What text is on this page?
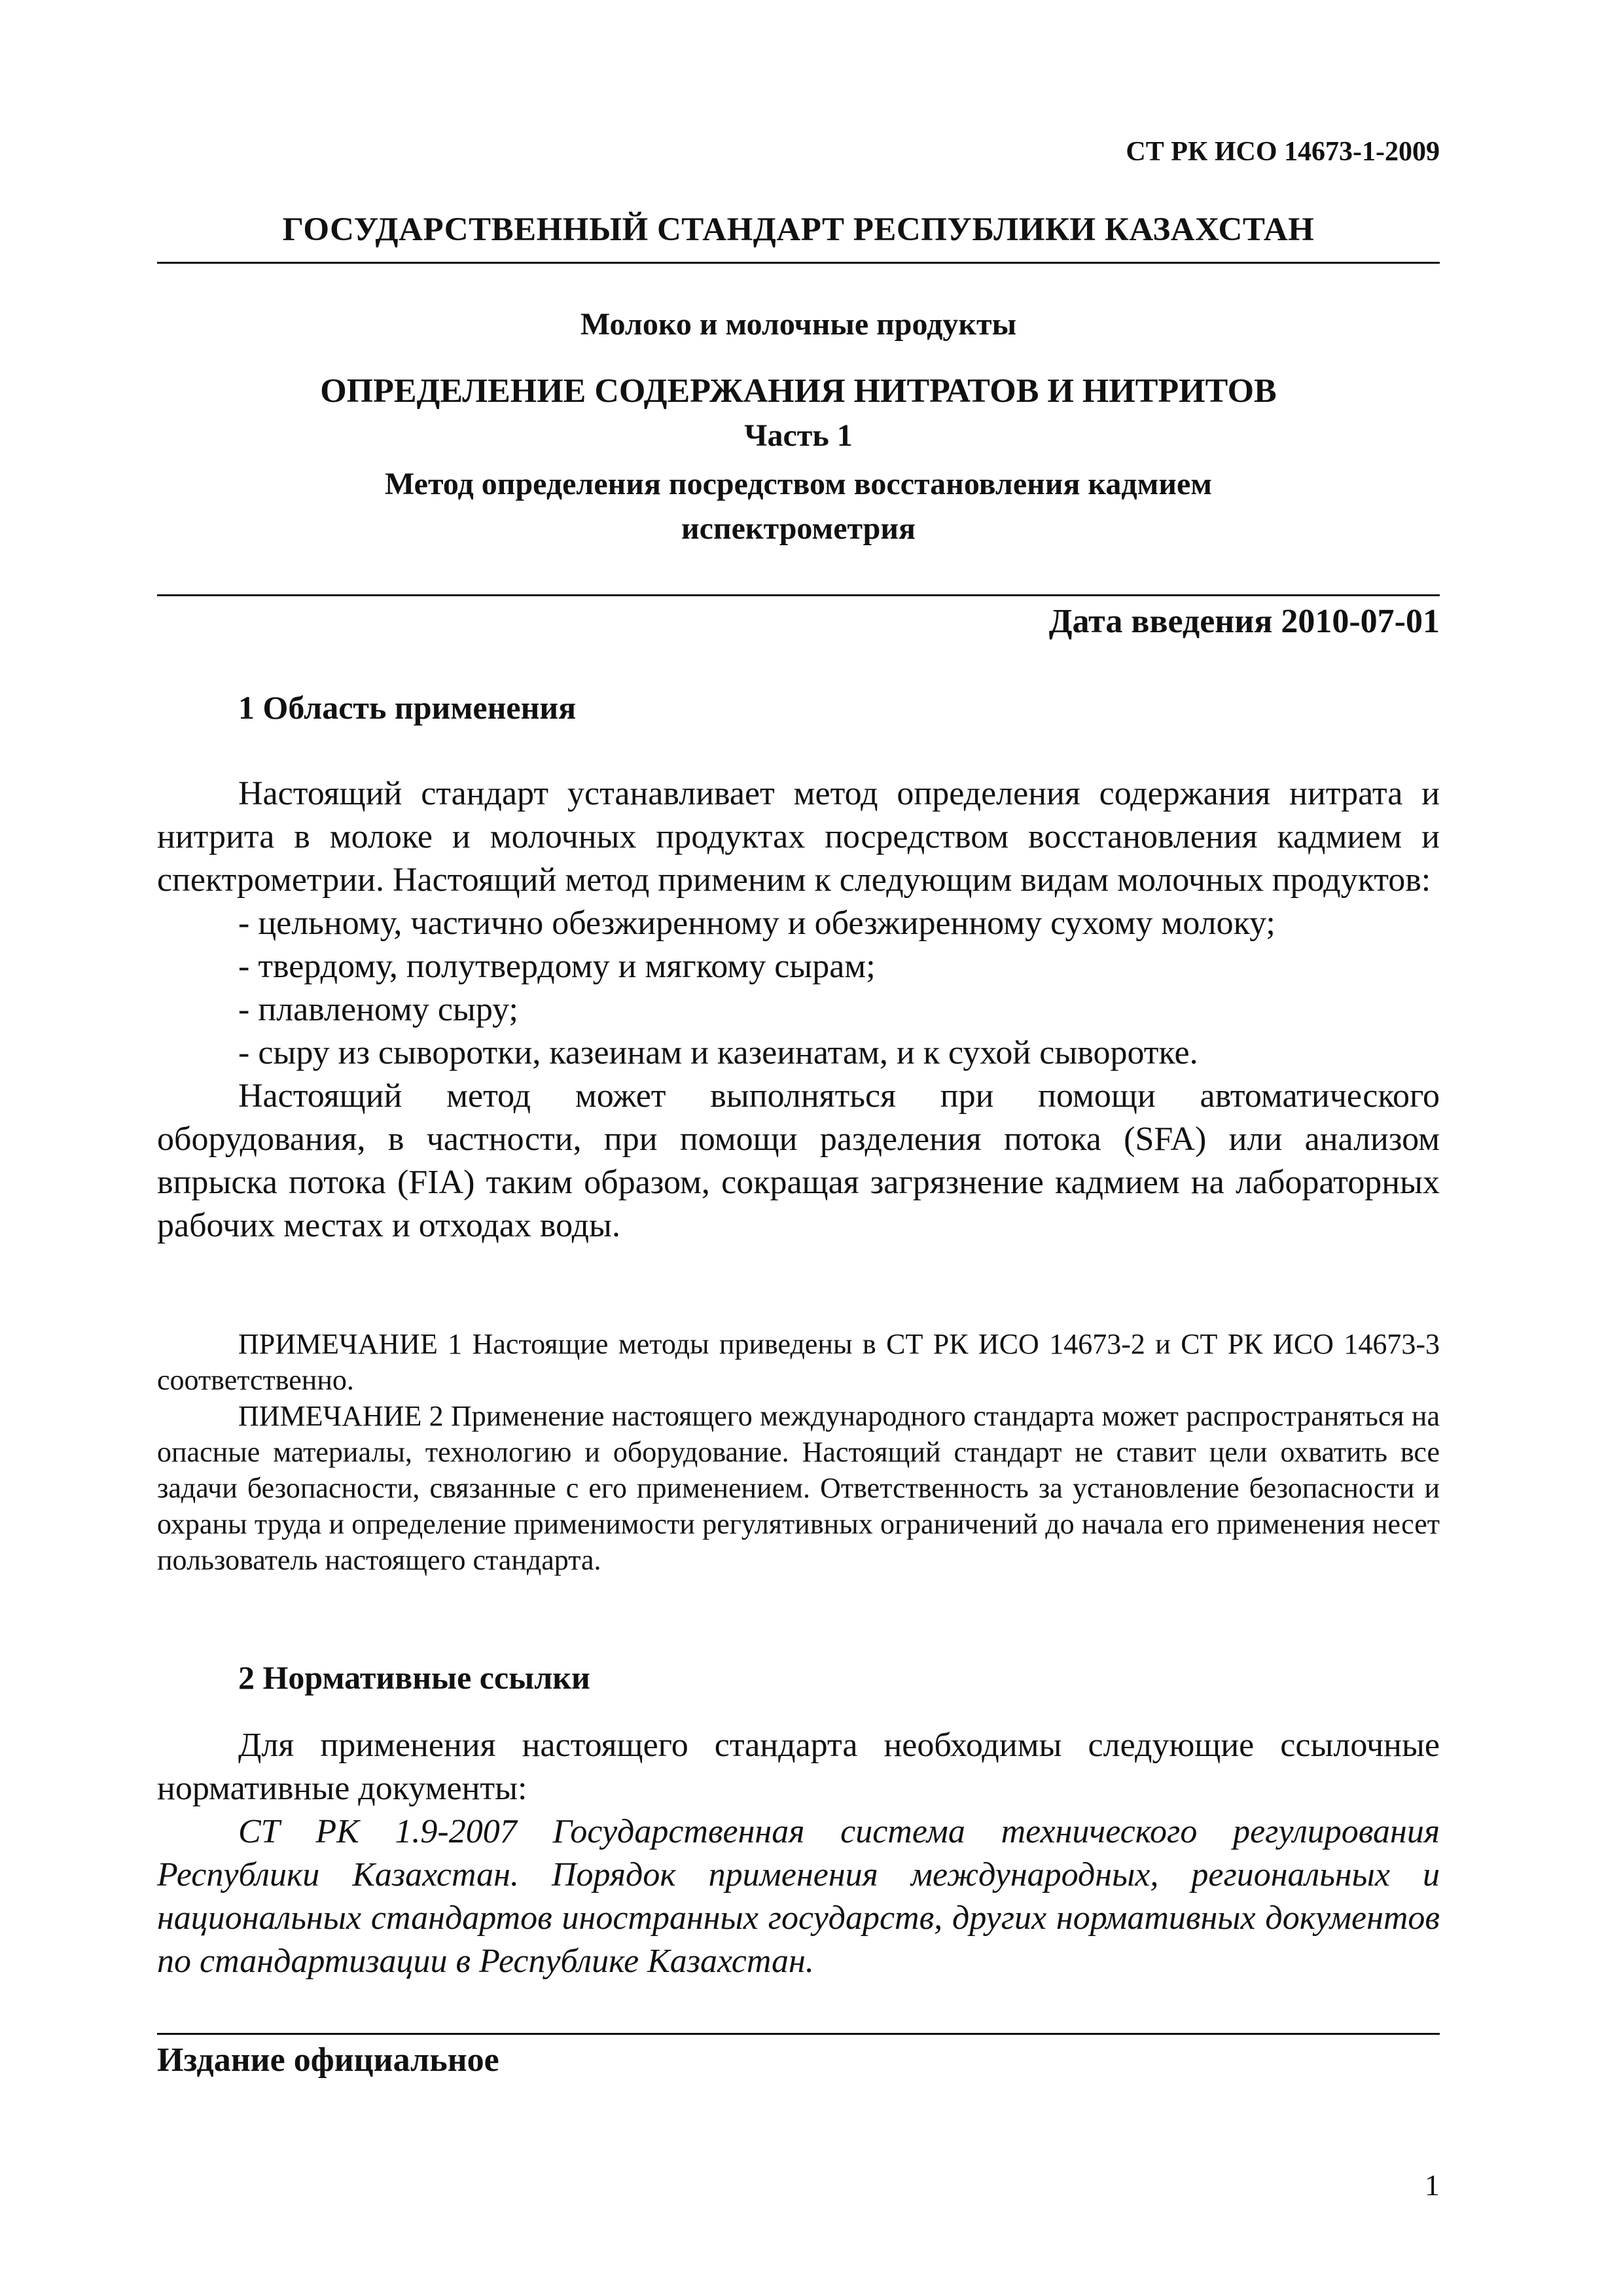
СТ РК ИСО 14673-1-2009
ГОСУДАРСТВЕННЫЙ СТАНДАРТ РЕСПУБЛИКИ КАЗАХСТАН
Молоко и молочные продукты
ОПРЕДЕЛЕНИЕ СОДЕРЖАНИЯ НИТРАТОВ И НИТРИТОВ
Часть 1
Метод определения посредством восстановления кадмием
испектрометрия
Дата введения 2010-07-01
1 Область применения

Настоящий стандарт устанавливает метод определения содержания нитрата и нитрита в молоке и молочных продуктах посредством восстановления кадмием и спектрометрии. Настоящий метод применим к следующим видам молочных продуктов:

- цельному, частично обезжиренному и обезжиренному сухому молоку;

- твердому, полутвердому и мягкому сырам;

- плавленому сыру;

- сыру из сыворотки, казеинам и казеинатам, и к сухой сыворотке.

Настоящий метод может выполняться при помощи автоматического оборудования, в частности, при помощи разделения потока (SFA) или анализом впрыска потока (FIA) таким образом, сокращая загрязнение кадмием на лабораторных рабочих местах и отходах воды.

ПРИМЕЧАНИЕ 1 Настоящие методы приведены в СТ РК ИСО 14673-2 и СТ РК ИСО 14673-3 соответственно.

ПИМЕЧАНИЕ 2 Применение настоящего международного стандарта может распространяться на опасные материалы, технологию и оборудование. Настоящий стандарт не ставит цели охватить все задачи безопасности, связанные с его применением. Ответственность за установление безопасности и охраны труда и определение применимости регулятивных ограничений до начала его применения несет пользователь настоящего стандарта.

2 Нормативные ссылки

Для применения настоящего стандарта необходимы следующие ссылочные нормативные документы:

СТ РК 1.9-2007 Государственная система технического регулирования Республики Казахстан. Порядок применения международных, региональных и национальных стандартов иностранных государств, других нормативных документов по стандартизации в Республике Казахстан.

Издание официальное
1
